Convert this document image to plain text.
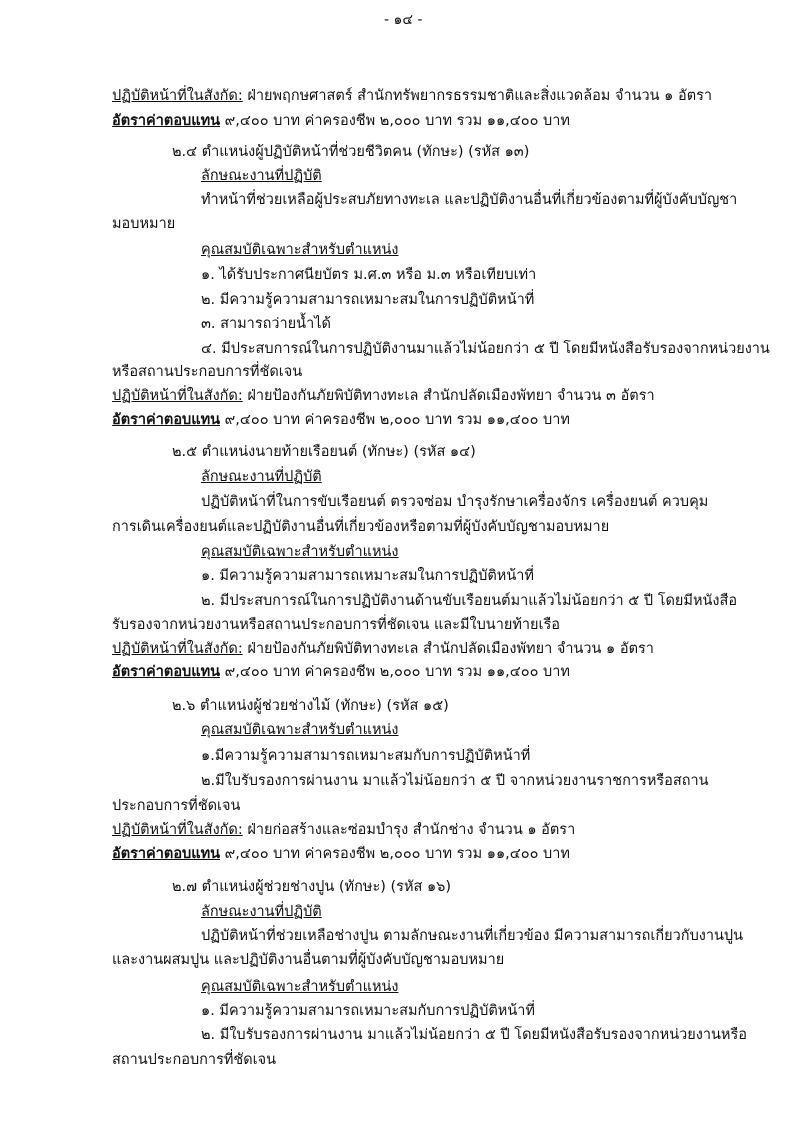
- ๑๔ -
ปฏิบัติหน้าที่ในสังกัด: ฝ่ายพฤกษศาสตร์ สำนักทรัพยากรธรรมชาติและสิ่งแวดล้อม จำนวน ๑ อัตรา
อัตราค่าตอบแทน ๙,๔๐๐ บาท ค่าครองชีพ ๒,๐๐๐ บาท รวม ๑๑,๔๐๐ บาท
๒.๔ ตำแหน่งผู้ปฏิบัติหน้าที่ช่วยชีวิตคน (ทักษะ) (รหัส ๑๓)
ลักษณะงานที่ปฏิบัติ
ทำหน้าที่ช่วยเหลือผู้ประสบภัยทางทะเล และปฏิบัติงานอื่นที่เกี่ยวข้องตามที่ผู้บังคับบัญชา
มอบหมาย
คุณสมบัติเฉพาะสำหรับตำแหน่ง
๑. ได้รับประกาศนียบัตร ม.ศ.๓ หรือ ม.๓ หรือเทียบเท่า
๒. มีความรู้ความสามารถเหมาะสมในการปฏิบัติหน้าที่
๓. สามารถว่ายน้ำได้
๔. มีประสบการณ์ในการปฏิบัติงานมาแล้วไม่น้อยกว่า ๕ ปี โดยมีหนังสือรับรองจากหน่วยงาน
หรือสถานประกอบการที่ชัดเจน
ปฏิบัติหน้าที่ในสังกัด: ฝ่ายป้องกันภัยพิบัติทางทะเล สำนักปลัดเมืองพัทยา จำนวน ๓ อัตรา
อัตราค่าตอบแทน ๙,๔๐๐ บาท ค่าครองชีพ ๒,๐๐๐ บาท รวม ๑๑,๔๐๐ บาท
๒.๕ ตำแหน่งนายท้ายเรือยนต์ (ทักษะ) (รหัส ๑๔)
ลักษณะงานที่ปฏิบัติ
ปฏิบัติหน้าที่ในการขับเรือยนต์ ตรวจซ่อม บำรุงรักษาเครื่องจักร เครื่องยนต์ ควบคุม
การเดินเครื่องยนต์และปฏิบัติงานอื่นที่เกี่ยวข้องหรือตามที่ผู้บังคับบัญชามอบหมาย
คุณสมบัติเฉพาะสำหรับตำแหน่ง
๑. มีความรู้ความสามารถเหมาะสมในการปฏิบัติหน้าที่
๒. มีประสบการณ์ในการปฏิบัติงานด้านขับเรือยนต์มาแล้วไม่น้อยกว่า ๕ ปี โดยมีหนังสือ
รับรองจากหน่วยงานหรือสถานประกอบการที่ชัดเจน และมีใบนายท้ายเรือ
ปฏิบัติหน้าที่ในสังกัด: ฝ่ายป้องกันภัยพิบัติทางทะเล สำนักปลัดเมืองพัทยา จำนวน ๑ อัตรา
อัตราค่าตอบแทน ๙,๔๐๐ บาท ค่าครองชีพ ๒,๐๐๐ บาท รวม ๑๑,๔๐๐ บาท
๒.๖ ตำแหน่งผู้ช่วยช่างไม้ (ทักษะ) (รหัส ๑๕)
คุณสมบัติเฉพาะสำหรับตำแหน่ง
๑.มีความรู้ความสามารถเหมาะสมกับการปฏิบัติหน้าที่
๒.มีใบรับรองการผ่านงาน มาแล้วไม่น้อยกว่า ๕ ปี จากหน่วยงานราชการหรือสถาน
ประกอบการที่ชัดเจน
ปฏิบัติหน้าที่ในสังกัด: ฝ่ายก่อสร้างและซ่อมบำรุง สำนักช่าง จำนวน ๑ อัตรา
อัตราค่าตอบแทน ๙,๔๐๐ บาท ค่าครองชีพ ๒,๐๐๐ บาท รวม ๑๑,๔๐๐ บาท
๒.๗ ตำแหน่งผู้ช่วยช่างปูน (ทักษะ) (รหัส ๑๖)
ลักษณะงานที่ปฏิบัติ
ปฏิบัติหน้าที่ช่วยเหลือช่างปูน ตามลักษณะงานที่เกี่ยวข้อง มีความสามารถเกี่ยวกับงานปูน
และงานผสมปูน และปฏิบัติงานอื่นตามที่ผู้บังคับบัญชามอบหมาย
คุณสมบัติเฉพาะสำหรับตำแหน่ง
๑. มีความรู้ความสามารถเหมาะสมกับการปฏิบัติหน้าที่
๒. มีใบรับรองการผ่านงาน มาแล้วไม่น้อยกว่า ๕ ปี โดยมีหนังสือรับรองจากหน่วยงานหรือ
สถานประกอบการที่ชัดเจน
